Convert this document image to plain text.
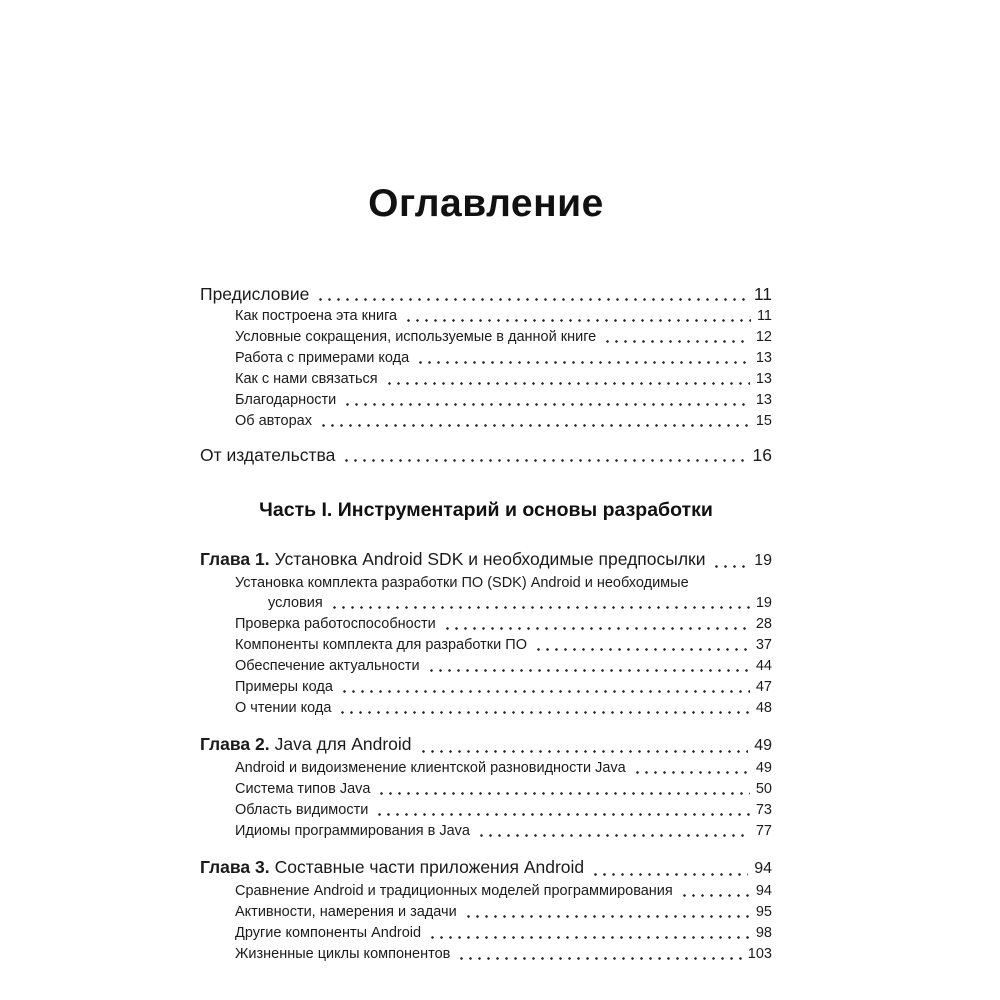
Оглавление
Предисловие	11
Как построена эта книга	11
Условные сокращения, используемые в данной книге	12
Работа с примерами кода	13
Как с нами связаться	13
Благодарности	13
Об авторах	15
От издательства	16
Часть I. Инструментарий и основы разработки
Глава 1. Установка Android SDK и необходимые предпосылки	19
Установка комплекта разработки ПО (SDK) Android и необходимые
условия	19
Проверка работоспособности	28
Компоненты комплекта для разработки ПО	37
Обеспечение актуальности	44
Примеры кода	47
О чтении кода	48
Глава 2. Java для Android	49
Android и видоизменение клиентской разновидности Java	49
Система типов Java	50
Область видимости	73
Идиомы программирования в Java	77
Глава 3. Составные части приложения Android	94
Сравнение Android и традиционных моделей программирования	94
Активности, намерения и задачи	95
Другие компоненты Android	98
Жизненные циклы компонентов	103
